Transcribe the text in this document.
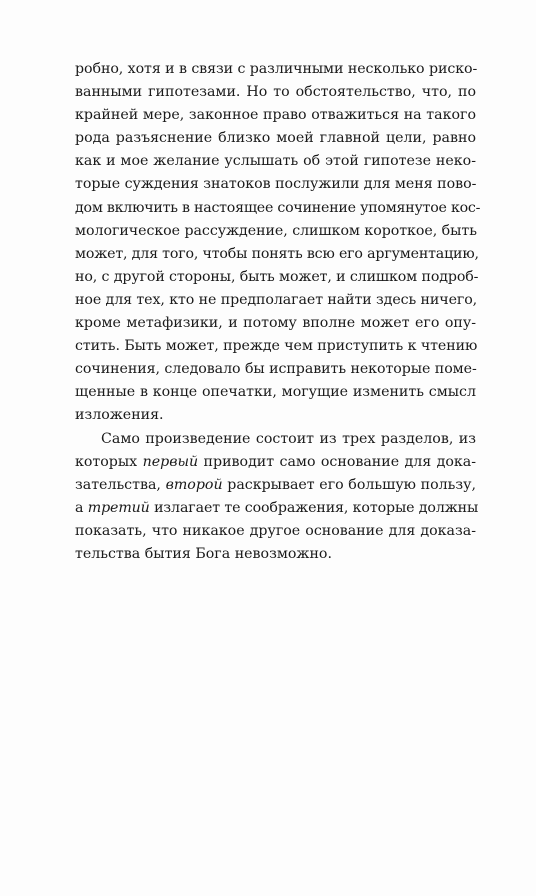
робно, хотя и в связи с различными несколько риско-
ванными гипотезами. Но то обстоятельство, что, по
крайней мере, законное право отважиться на такого
рода разъяснение близко моей главной цели, равно
как и мое желание услышать об этой гипотезе неко-
торые суждения знатоков послужили для меня пово-
дом включить в настоящее сочинение упомянутое кос-
мологическое рассуждение, слишком короткое, быть
может, для того, чтобы понять всю его аргументацию,
но, с другой стороны, быть может, и слишком подроб-
ное для тех, кто не предполагает найти здесь ничего,
кроме метафизики, и потому вполне может его опу-
стить. Быть может, прежде чем приступить к чтению
сочинения, следовало бы исправить некоторые поме-
щенные в конце опечатки, могущие изменить смысл
изложения.
Само произведение состоит из трех разделов, из
которых первый приводит само основание для дока-
зательства, второй раскрывает его большую пользу,
а третий излагает те соображения, которые должны
показать, что никакое другое основание для доказа-
тельства бытия Бога невозможно.
